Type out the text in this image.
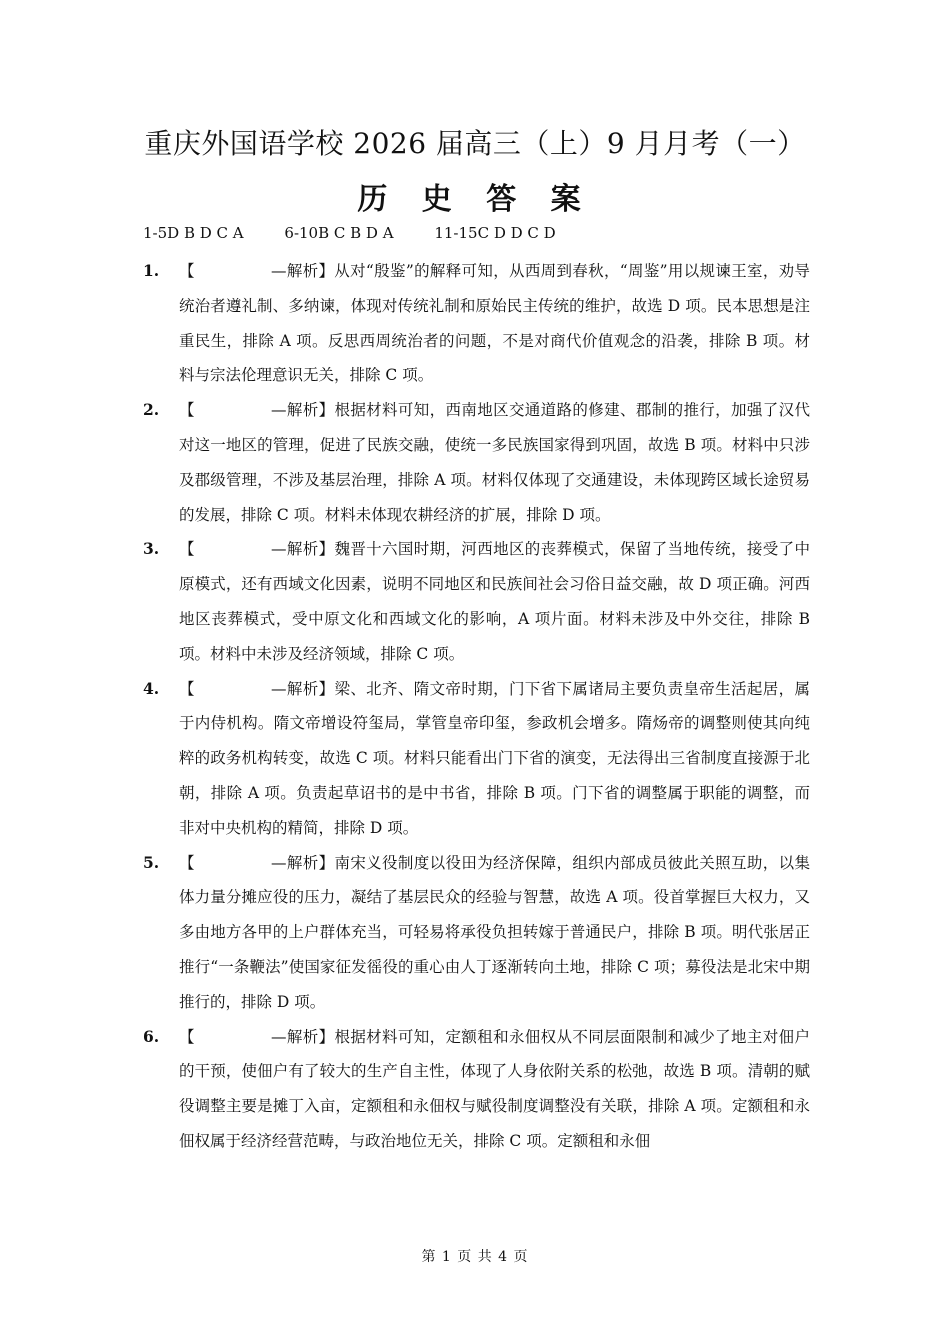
重庆外国语学校 2026 届高三（上）9 月月考（一）
历 史 答 案
1-5D B D C A	6-10B C B D A	11-15C D D C D
1. 【	—解析】从对“殷鉴”的解释可知，从西周到春秋，“周鉴”用以规谏王室，劝导统治者遵礼制、多纳谏，体现对传统礼制和原始民主传统的维护，故选 D 项。民本思想是注重民生，排除 A 项。反思西周统治者的问题，不是对商代价值观念的沿袭，排除 B 项。材料与宗法伦理意识无关，排除 C 项。
2. 【	—解析】根据材料可知，西南地区交通道路的修建、郡制的推行，加强了汉代对这一地区的管理，促进了民族交融，使统一多民族国家得到巩固，故选 B 项。材料中只涉及郡级管理，不涉及基层治理，排除 A 项。材料仅体现了交通建设，未体现跨区域长途贸易的发展，排除 C 项。材料未体现农耕经济的扩展，排除 D 项。
3. 【	—解析】魏晋十六国时期，河西地区的丧葬模式，保留了当地传统，接受了中原模式，还有西域文化因素，说明不同地区和民族间社会习俗日益交融，故 D 项正确。河西地区丧葬模式，受中原文化和西域文化的影响，A 项片面。材料未涉及中外交往，排除 B 项。材料中未涉及经济领域，排除 C 项。
4. 【	—解析】梁、北齐、隋文帝时期，门下省下属诸局主要负责皇帝生活起居，属于内侍机构。隋文帝增设符玺局，掌管皇帝印玺，参政机会增多。隋炀帝的调整则使其向纯粹的政务机构转变，故选 C 项。材料只能看出门下省的演变，无法得出三省制度直接源于北朝，排除 A 项。负责起草诏书的是中书省，排除 B 项。门下省的调整属于职能的调整，而非对中央机构的精简，排除 D 项。
5. 【	—解析】南宋义役制度以役田为经济保障，组织内部成员彼此关照互助，以集体力量分摊应役的压力，凝结了基层民众的经验与智慧，故选 A 项。役首掌握巨大权力，又多由地方各甲的上户群体充当，可轻易将承役负担转嫁于普通民户，排除 B 项。明代张居正推行“一条鞭法”使国家征发徭役的重心由人丁逐渐转向土地，排除 C 项；募役法是北宋中期推行的，排除 D 项。
6. 【	—解析】根据材料可知，定额租和永佃权从不同层面限制和减少了地主对佃户的干预，使佃户有了较大的生产自主性，体现了人身依附关系的松弛，故选 B 项。清朝的赋役调整主要是摊丁入亩，定额租和永佃权与赋役制度调整没有关联，排除 A 项。定额租和永佃权属于经济经营范畴，与政治地位无关，排除 C 项。定额租和永佃
第 1 页 共 4 页
